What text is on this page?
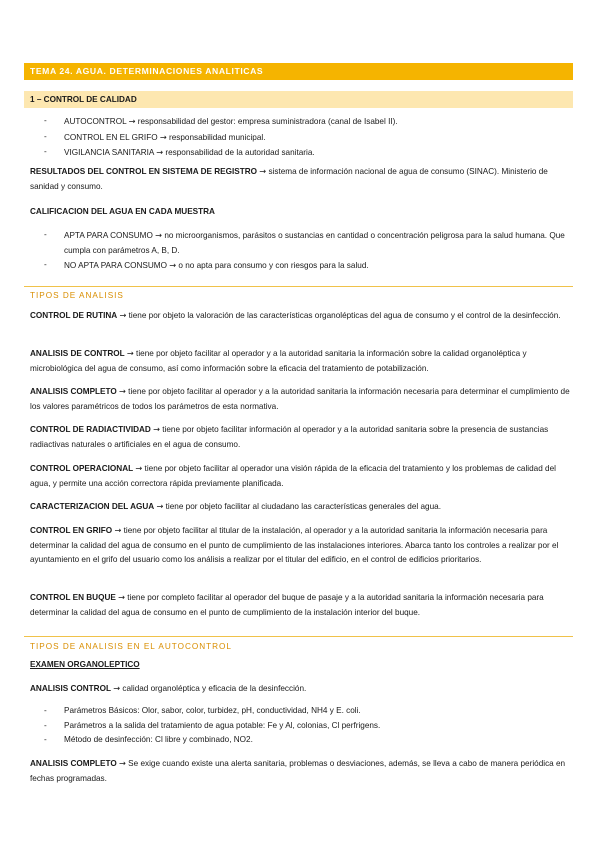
TEMA 24. AGUA. DETERMINACIONES ANALITICAS
1 – CONTROL DE CALIDAD
- AUTOCONTROL → responsabilidad del gestor: empresa suministradora (canal de Isabel II).
- CONTROL EN EL GRIFO → responsabilidad municipal.
- VIGILANCIA SANITARIA → responsabilidad de la autoridad sanitaria.
RESULTADOS DEL CONTROL EN SISTEMA DE REGISTRO → sistema de información nacional de agua de consumo (SINAC). Ministerio de sanidad y consumo.
CALIFICACION DEL AGUA EN CADA MUESTRA
- APTA PARA CONSUMO → no microorganismos, parásitos o sustancias en cantidad o concentración peligrosa para la salud humana. Que cumpla con parámetros A, B, D.
- NO APTA PARA CONSUMO → o no apta para consumo y con riesgos para la salud.
TIPOS DE ANALISIS
CONTROL DE RUTINA → tiene por objeto la valoración de las características organolépticas del agua de consumo y el control de la desinfección.
ANALISIS DE CONTROL → tiene por objeto facilitar al operador y a la autoridad sanitaria la información sobre la calidad organoléptica y microbiológica del agua de consumo, así como información sobre la eficacia del tratamiento de potabilización.
ANALISIS COMPLETO → tiene por objeto facilitar al operador y a la autoridad sanitaria la información necesaria para determinar el cumplimiento de los valores paramétricos de todos los parámetros de esta normativa.
CONTROL DE RADIACTIVIDAD → tiene por objeto facilitar información al operador y a la autoridad sanitaria sobre la presencia de sustancias radiactivas naturales o artificiales en el agua de consumo.
CONTROL OPERACIONAL → tiene por objeto facilitar al operador una visión rápida de la eficacia del tratamiento y los problemas de calidad del agua, y permite una acción correctora rápida previamente planificada.
CARACTERIZACION DEL AGUA → tiene por objeto facilitar al ciudadano las características generales del agua.
CONTROL EN GRIFO → tiene por objeto facilitar al titular de la instalación, al operador y a la autoridad sanitaria la información necesaria para determinar la calidad del agua de consumo en el punto de cumplimiento de las instalaciones interiores. Abarca tanto los controles a realizar por el ayuntamiento en el grifo del usuario como los análisis a realizar por el titular del edificio, en el control de edificios prioritarios.
CONTROL EN BUQUE → tiene por completo facilitar al operador del buque de pasaje y a la autoridad sanitaria la información necesaria para determinar la calidad del agua de consumo en el punto de cumplimiento de la instalación interior del buque.
TIPOS DE ANALISIS EN EL AUTOCONTROL
EXAMEN ORGANOLEPTICO
ANALISIS CONTROL → calidad organoléptica y eficacia de la desinfección.
- Parámetros Básicos: Olor, sabor, color, turbidez, pH, conductividad, NH4 y E. coli.
- Parámetros a la salida del tratamiento de agua potable: Fe y Al, colonias, Cl perfrigens.
- Método de desinfección: Cl libre y combinado, NO2.
ANALISIS COMPLETO → Se exige cuando existe una alerta sanitaria, problemas o desviaciones, además, se lleva a cabo de manera periódica en fechas programadas.
